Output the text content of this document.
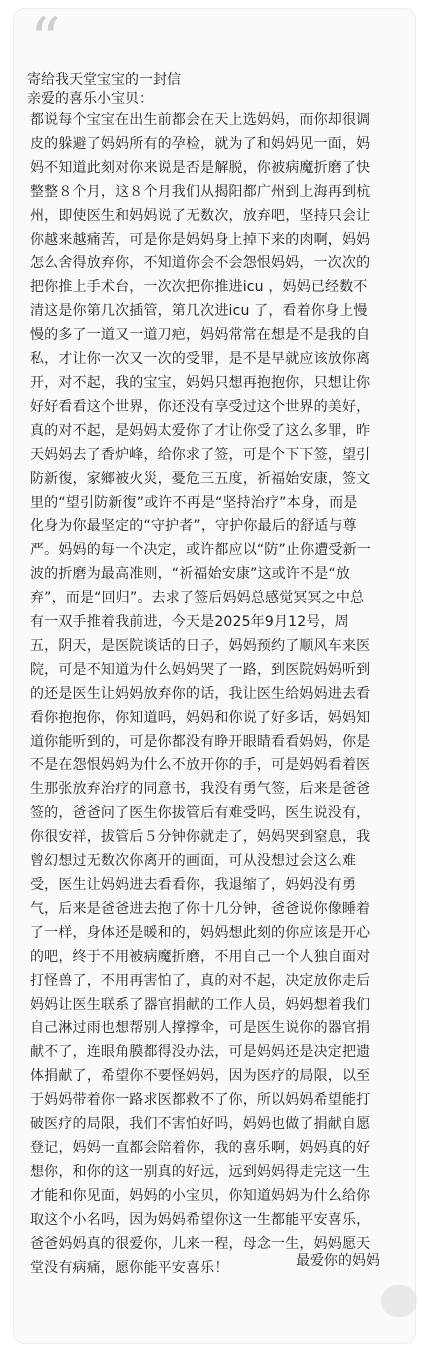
“
寄给我天堂宝宝的一封信

亲爱的喜乐小宝贝：

都说每个宝宝在出生前都会在天上选妈妈，而你却很调
皮的躲避了妈妈所有的孕检，就为了和妈妈见一面，妈
妈不知道此刻对你来说是否是解脱，你被病魔折磨了快
整整８个月，这８个月我们从揭阳都广州到上海再到杭
州，即使医生和妈妈说了无数次，放弃吧，坚持只会让
你越来越痛苦，可是你是妈妈身上掉下来的肉啊，妈妈
怎么舍得放弃你，不知道你会不会怨恨妈妈，一次次的
把你推上手术台，一次次把你推进icu ，妈妈已经数不
清这是你第几次插管，第几次进icu 了，看着你身上慢
慢的多了一道又一道刀疤，妈妈常常在想是不是我的自
私，才让你一次又一次的受罪，是不是早就应该放你离
开，对不起，我的宝宝，妈妈只想再抱抱你，只想让你
好好看看这个世界，你还没有享受过这个世界的美好，
真的对不起，是妈妈太爱你了才让你受了这么多罪，昨
天妈妈去了香炉峰，给你求了签，可是个下下签，望引
防新復，家鄉被火災，憂危三五度，祈福始安康，签文
里的“望引防新復”或许不再是“坚持治疗”本身，而是
化身为你最坚定的“守护者”，守护你最后的舒适与尊
严。妈妈的每一个决定，或许都应以“防”止你遭受新一
波的折磨为最高准则，“祈福始安康”这或许不是“放
弃”，而是“回归”。去求了签后妈妈总感觉冥冥之中总
有一双手推着我前进，今天是2025年9月12号，周
五，阴天，是医院谈话的日子，妈妈预约了顺风车来医
院，可是不知道为什么妈妈哭了一路，到医院妈妈听到
的还是医生让妈妈放弃你的话，我让医生给妈妈进去看
看你抱抱你，你知道吗，妈妈和你说了好多话，妈妈知
道你能听到的，可是你都没有睁开眼睛看看妈妈，你是
不是在怨恨妈妈为什么不放开你的手，可是妈妈看着医
生那张放弃治疗的同意书，我没有勇气签，后来是爸爸
签的，爸爸问了医生你拔管后有难受吗，医生说没有，
你很安祥，拔管后５分钟你就走了，妈妈哭到窒息，我
曾幻想过无数次你离开的画面，可从没想过会这么难
受，医生让妈妈进去看看你，我退缩了，妈妈没有勇
气，后来是爸爸进去抱了你十几分钟，爸爸说你像睡着
了一样，身体还是暖和的，妈妈想此刻的你应该是开心
的吧，终于不用被病魔折磨，不用自己一个人独自面对
打怪兽了，不用再害怕了，真的对不起，决定放你走后
妈妈让医生联系了器官捐献的工作人员，妈妈想着我们
自己淋过雨也想帮别人撑撑伞，可是医生说你的器官捐
献不了，连眼角膜都得没办法，可是妈妈还是决定把遗
体捐献了，希望你不要怪妈妈，因为医疗的局限，以至
于妈妈带着你一路求医都救不了你，所以妈妈希望能打
破医疗的局限，我们不害怕好吗，妈妈也做了捐献自愿
登记，妈妈一直都会陪着你，我的喜乐啊，妈妈真的好
想你，和你的这一别真的好远，远到妈妈得走完这一生
才能和你见面，妈妈的小宝贝，你知道妈妈为什么给你
取这个小名吗，因为妈妈希望你这一生都能平安喜乐，
爸爸妈妈真的很爱你，儿来一程，母念一生，妈妈愿天
堂没有病痛，愿你能平安喜乐！	最爱你的妈妈
